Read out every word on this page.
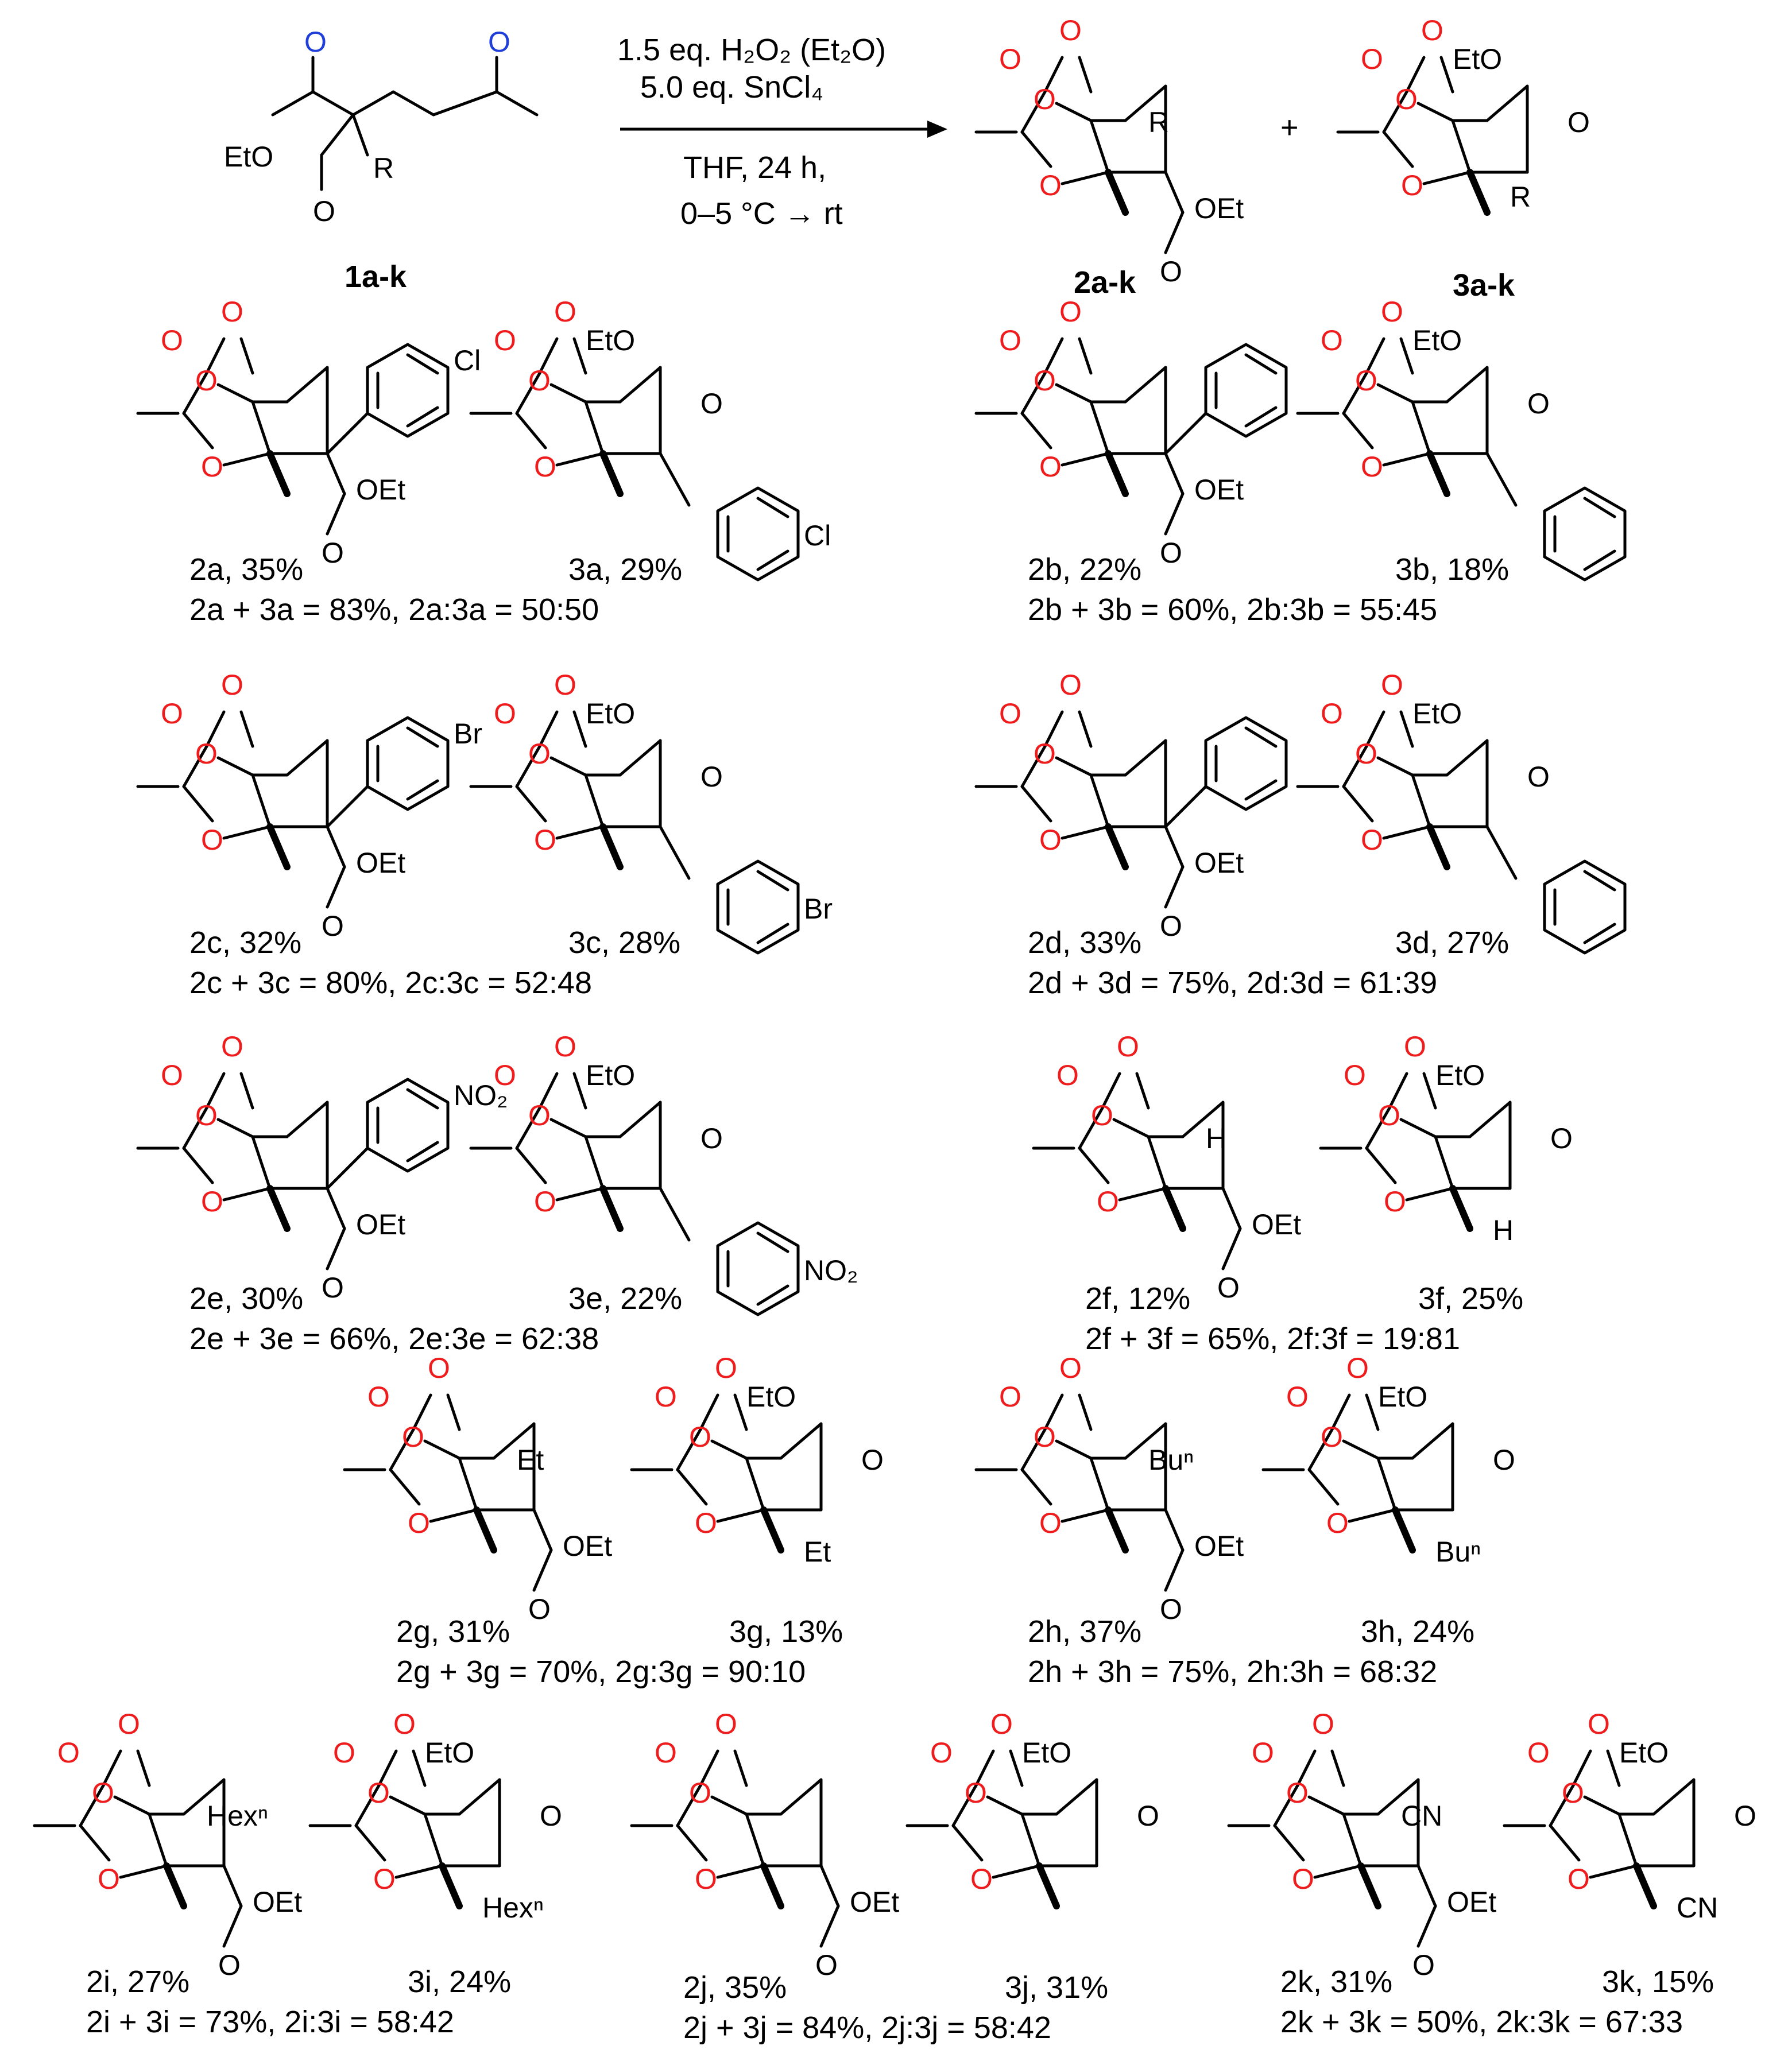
O	O
EtO
O
R
1a-k
1.5 eq. H₂O₂ (Et₂O)
5.0 eq. SnCl₄
THF, 24 h,
0–5 °C → rt
O
O
O
O
R
O
OEt
+
O
O
O
O
EtO
O
R
2a-k	3a-k
O
O
O
O
O
OEt
Cl
O
O
O
O
EtO
O
Cl
2a, 35%	3a, 29%
2a + 3a = 83%, 2a:3a = 50:50
O
O
O
O
O
OEt
O
O
O
O
EtO
O
2b, 22%	3b, 18%
2b + 3b = 60%, 2b:3b = 55:45
O
O
O
O
O
OEt
Br
O
O
O
O
EtO
O
Br
2c, 32%	3c, 28%
2c + 3c = 80%, 2c:3c = 52:48
O
O
O
O
O
OEt
O
O
O
O
EtO
O
2d, 33%	3d, 27%
2d + 3d = 75%, 2d:3d = 61:39
O
O
O
O
O
OEt
NO₂
O
O
O
O
EtO
O
NO₂
2e, 30%	3e, 22%
2e + 3e = 66%, 2e:3e = 62:38
O
O
O
O
O
OEt
H
O
O
O
O
EtO
O
H
2f, 12%	3f, 25%
2f + 3f = 65%, 2f:3f = 19:81
O
O
O
O
O
OEt
Et
O
O
O
O
EtO
O
Et
2g, 31%	3g, 13%
2g + 3g = 70%, 2g:3g = 90:10
O
O
O
O
O
OEt
Buⁿ
O
O
O
O
EtO
O
Buⁿ
2h, 37%	3h, 24%
2h + 3h = 75%, 2h:3h = 68:32
O
O
O
O
O
OEt
Hexⁿ
O
O
O
O
EtO
O
Hexⁿ
2i, 27%	3i, 24%
2i + 3i = 73%, 2i:3i = 58:42
O
O
O
O
O
OEt
O
O
O
O
EtO
O
2j, 35%	3j, 31%
2j + 3j = 84%, 2j:3j = 58:42
O
O
O
O
O
OEt
CN
O
O
O
O
EtO
O
CN
2k, 31%	3k, 15%
2k + 3k = 50%, 2k:3k = 67:33
